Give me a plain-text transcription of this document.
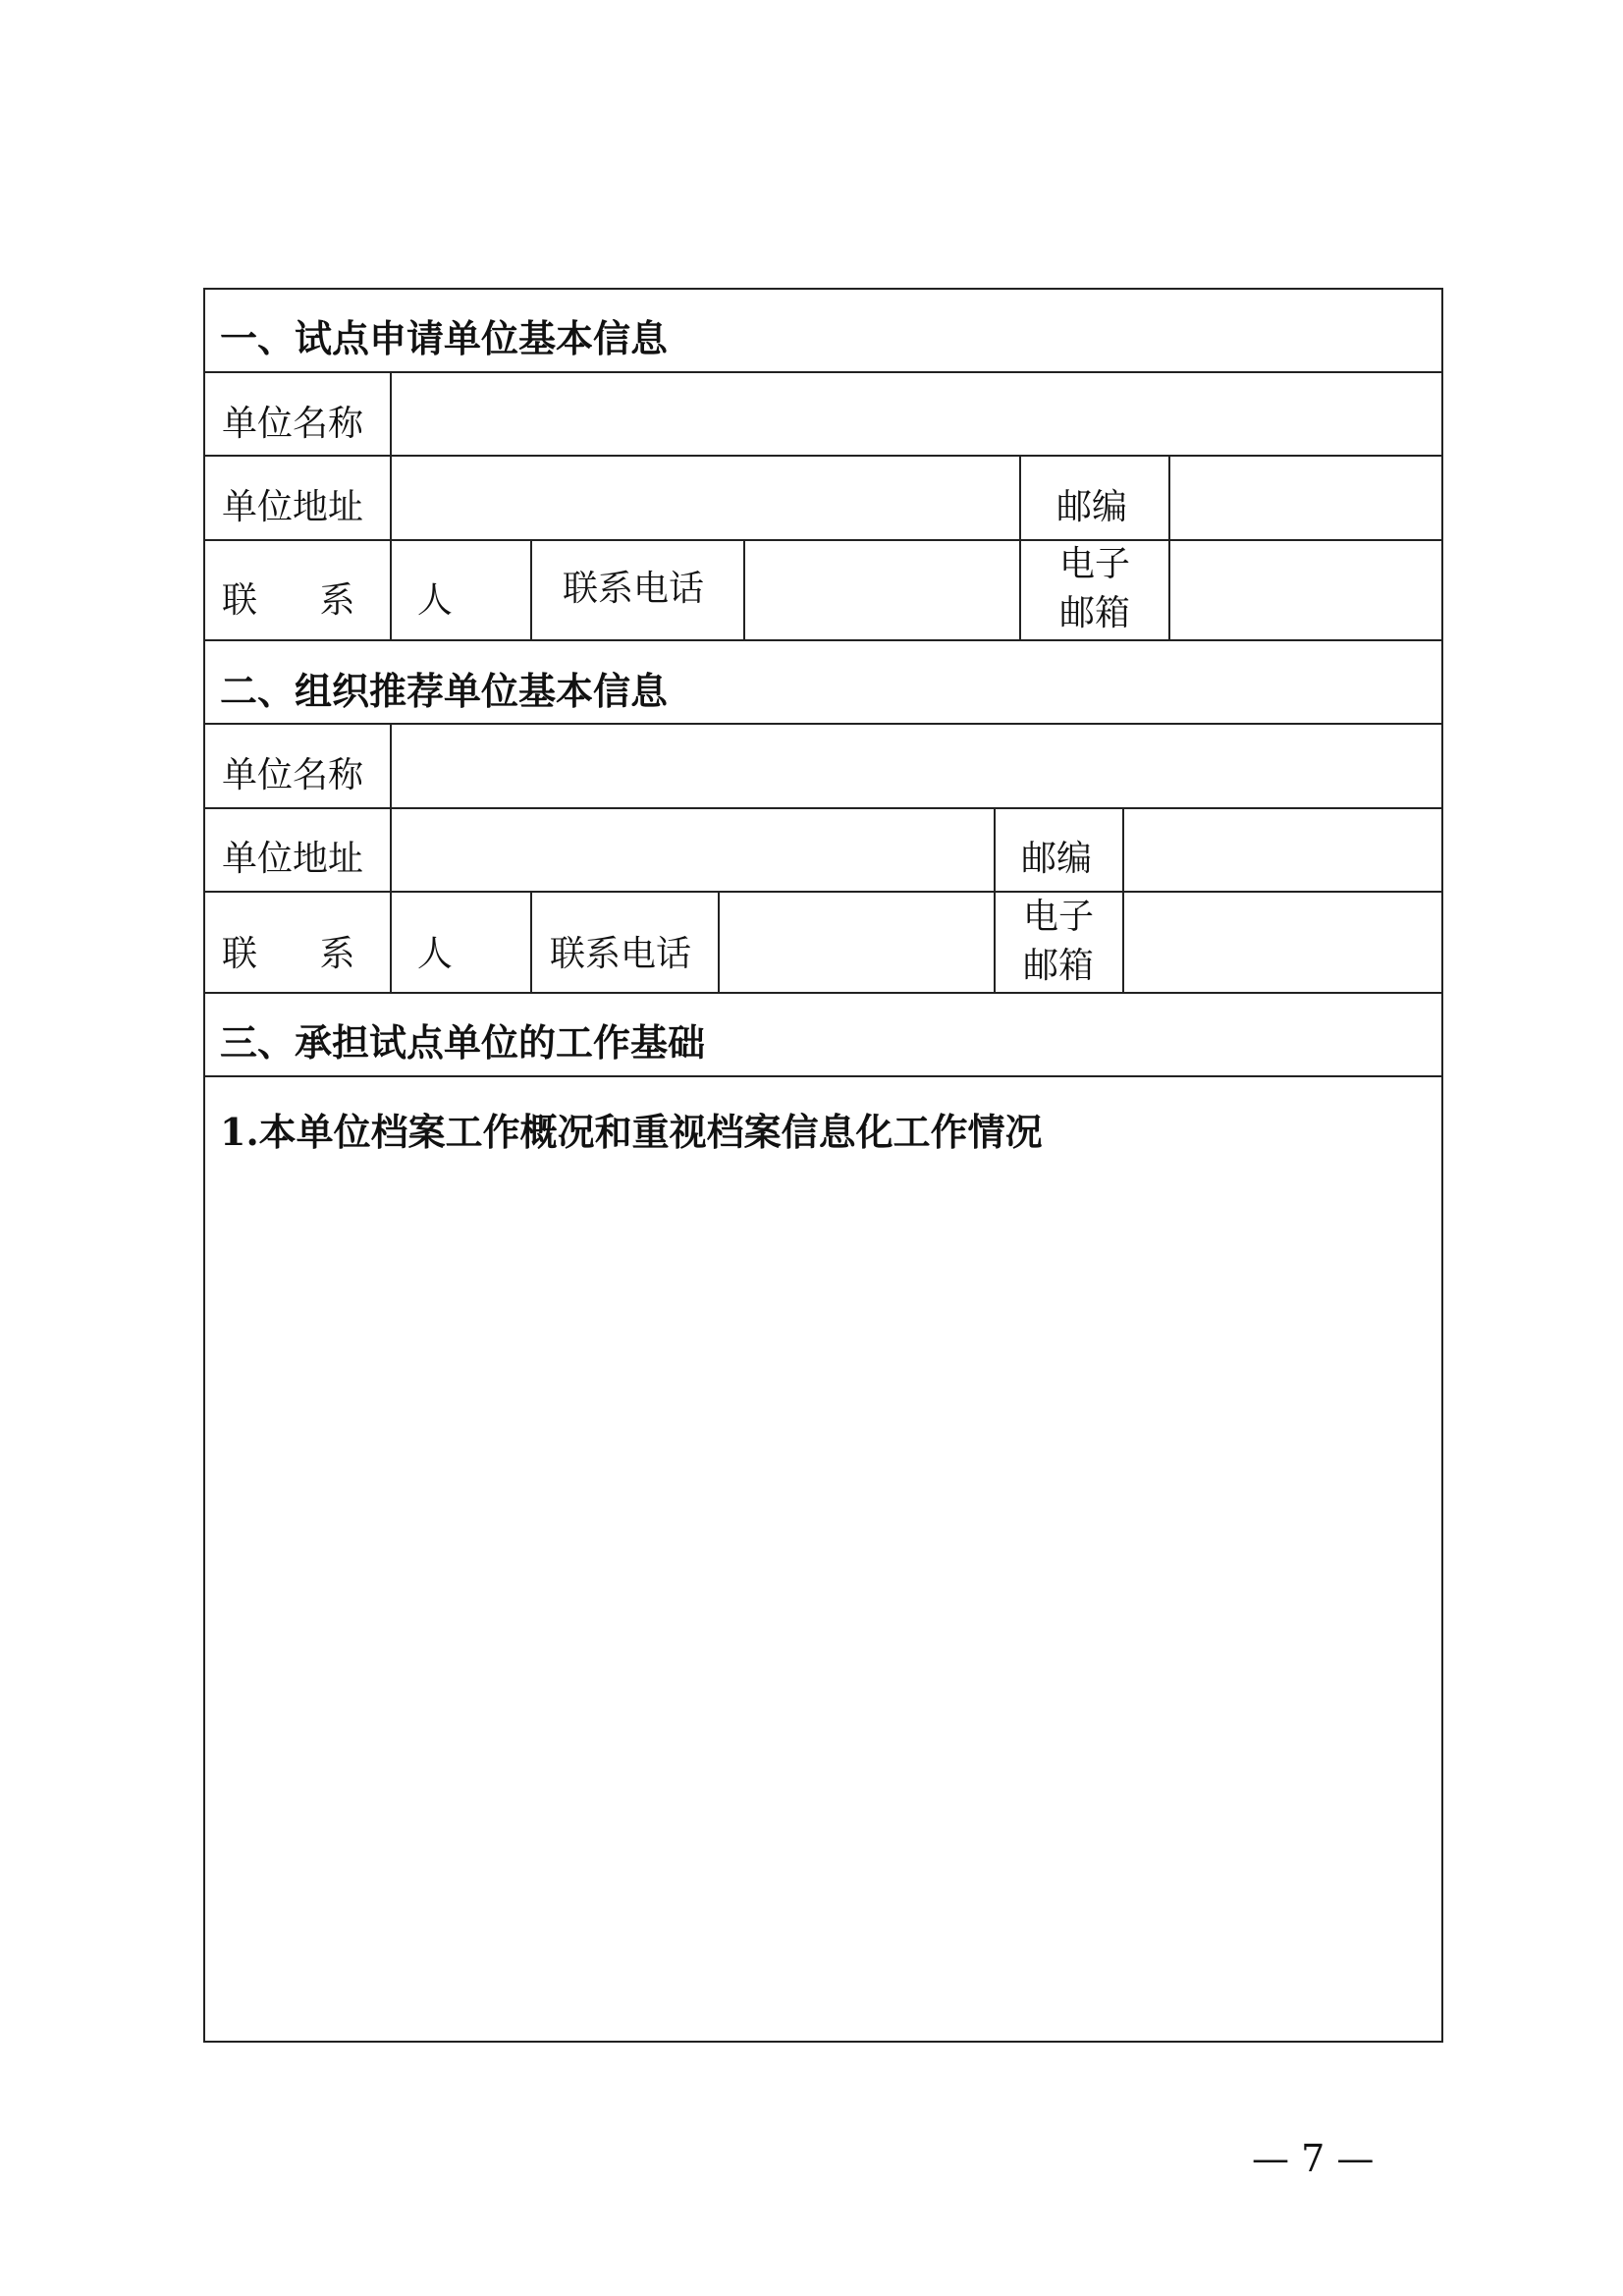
一、试点申请单位基本信息
单位名称
单位地址	邮编
联 系 人 联系电话
电子
邮箱
二、组织推荐单位基本信息
单位名称
单位地址	邮编
联 系 人 联系电话
电子
邮箱
三、承担试点单位的工作基础
1.本单位档案工作概况和重视档案信息化工作情况
— 7 —
